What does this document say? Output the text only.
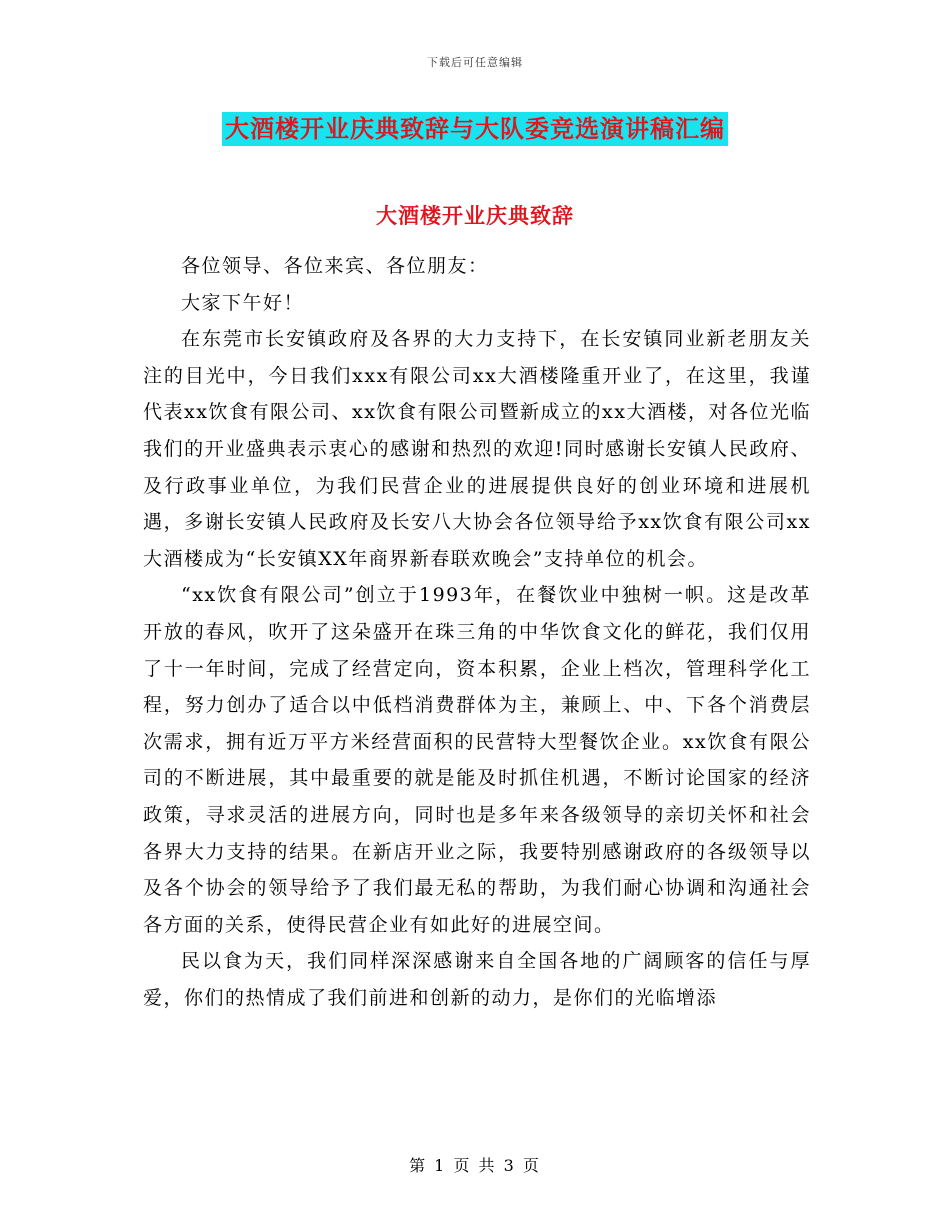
下载后可任意编辑
大酒楼开业庆典致辞与大队委竞选演讲稿汇编
大酒楼开业庆典致辞

各位领导、各位来宾、各位朋友：

大家下午好！

在东莞市长安镇政府及各界的大力支持下，在长安镇同业新老朋友关注的目光中，今日我们xxx有限公司xx大酒楼隆重开业了，在这里，我谨代表xx饮食有限公司、xx饮食有限公司暨新成立的xx大酒楼，对各位光临我们的开业盛典表示衷心的感谢和热烈的欢迎!同时感谢长安镇人民政府、及行政事业单位，为我们民营企业的进展提供良好的创业环境和进展机遇，多谢长安镇人民政府及长安八大协会各位领导给予xx饮食有限公司xx大酒楼成为“长安镇XX年商界新春联欢晚会”支持单位的机会。

“xx饮食有限公司”创立于1993年，在餐饮业中独树一帜。这是改革开放的春风，吹开了这朵盛开在珠三角的中华饮食文化的鲜花，我们仅用了十一年时间，完成了经营定向，资本积累，企业上档次，管理科学化工程，努力创办了适合以中低档消费群体为主，兼顾上、中、下各个消费层次需求，拥有近万平方米经营面积的民营特大型餐饮企业。xx饮食有限公司的不断进展，其中最重要的就是能及时抓住机遇，不断讨论国家的经济政策，寻求灵活的进展方向，同时也是多年来各级领导的亲切关怀和社会各界大力支持的结果。在新店开业之际，我要特别感谢政府的各级领导以及各个协会的领导给予了我们最无私的帮助，为我们耐心协调和沟通社会各方面的关系，使得民营企业有如此好的进展空间。

民以食为天，我们同样深深感谢来自全国各地的广阔顾客的信任与厚爱，你们的热情成了我们前进和创新的动力，是你们的光临增添

第 1 页 共 3 页
